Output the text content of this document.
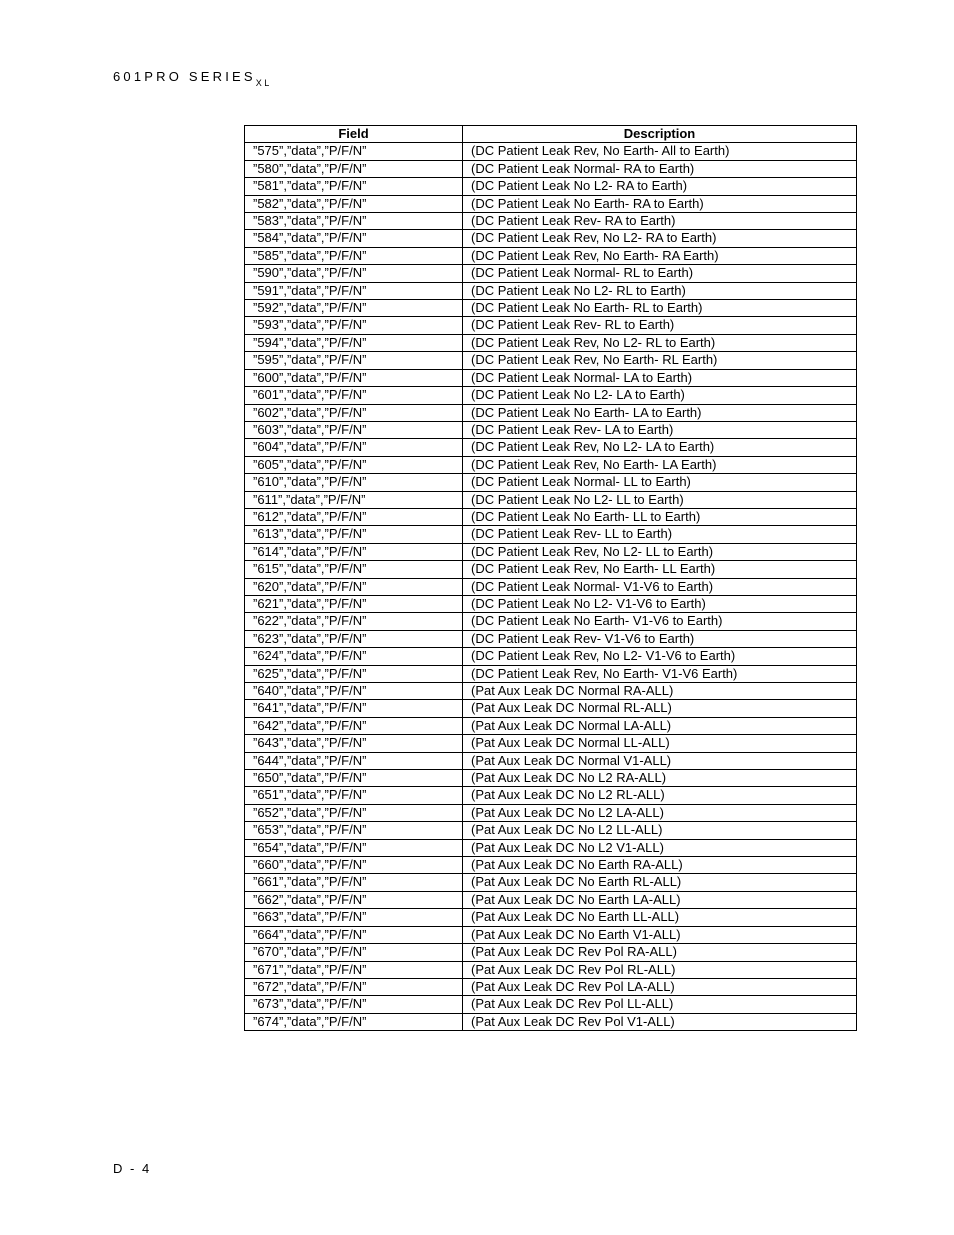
601PRO $SERIES_{XL}$
Field	Description
”575”,”data”,”P/F/N”	(DC Patient Leak Rev, No Earth- All to Earth)
”580”,”data”,”P/F/N”	(DC Patient Leak Normal- RA to Earth)
”581”,”data”,”P/F/N”	(DC Patient Leak No L2- RA to Earth)
”582”,”data”,”P/F/N”	(DC Patient Leak No Earth- RA to Earth)
”583”,”data”,”P/F/N”	(DC Patient Leak Rev- RA to Earth)
”584”,”data”,”P/F/N”	(DC Patient Leak Rev, No L2- RA to Earth)
”585”,”data”,”P/F/N”	(DC Patient Leak Rev, No Earth- RA Earth)
”590”,”data”,”P/F/N”	(DC Patient Leak Normal- RL to Earth)
”591”,”data”,”P/F/N”	(DC Patient Leak No L2- RL to Earth)
”592”,”data”,”P/F/N”	(DC Patient Leak No Earth- RL to Earth)
”593”,”data”,”P/F/N”	(DC Patient Leak Rev- RL to Earth)
”594”,”data”,”P/F/N”	(DC Patient Leak Rev, No L2- RL to Earth)
”595”,”data”,”P/F/N”	(DC Patient Leak Rev, No Earth- RL Earth)
”600”,”data”,”P/F/N”	(DC Patient Leak Normal- LA to Earth)
”601”,”data”,”P/F/N”	(DC Patient Leak No L2- LA to Earth)
”602”,”data”,”P/F/N”	(DC Patient Leak No Earth- LA to Earth)
”603”,”data”,”P/F/N”	(DC Patient Leak Rev- LA to Earth)
”604”,”data”,”P/F/N”	(DC Patient Leak Rev, No L2- LA to Earth)
”605”,”data”,”P/F/N”	(DC Patient Leak Rev, No Earth- LA Earth)
”610”,”data”,”P/F/N”	(DC Patient Leak Normal- LL to Earth)
”611”,”data”,”P/F/N”	(DC Patient Leak No L2- LL to Earth)
”612”,”data”,”P/F/N”	(DC Patient Leak No Earth- LL to Earth)
”613”,”data”,”P/F/N”	(DC Patient Leak Rev- LL to Earth)
”614”,”data”,”P/F/N”	(DC Patient Leak Rev, No L2- LL to Earth)
”615”,”data”,”P/F/N”	(DC Patient Leak Rev, No Earth- LL Earth)
”620”,”data”,”P/F/N”	(DC Patient Leak Normal- V1-V6 to Earth)
”621”,”data”,”P/F/N”	(DC Patient Leak No L2- V1-V6 to Earth)
”622”,”data”,”P/F/N”	(DC Patient Leak No Earth- V1-V6 to Earth)
”623”,”data”,”P/F/N”	(DC Patient Leak Rev- V1-V6 to Earth)
”624”,”data”,”P/F/N”	(DC Patient Leak Rev, No L2- V1-V6 to Earth)
”625”,”data”,”P/F/N”	(DC Patient Leak Rev, No Earth- V1-V6 Earth)
”640”,”data”,”P/F/N”	(Pat Aux Leak DC Normal RA-ALL)
”641”,”data”,”P/F/N”	(Pat Aux Leak DC Normal RL-ALL)
”642”,”data”,”P/F/N”	(Pat Aux Leak DC Normal LA-ALL)
”643”,”data”,”P/F/N”	(Pat Aux Leak DC Normal LL-ALL)
”644”,”data”,”P/F/N”	(Pat Aux Leak DC Normal V1-ALL)
”650”,”data”,”P/F/N”	(Pat Aux Leak DC No L2 RA-ALL)
”651”,”data”,”P/F/N”	(Pat Aux Leak DC No L2 RL-ALL)
”652”,”data”,”P/F/N”	(Pat Aux Leak DC No L2 LA-ALL)
”653”,”data”,”P/F/N”	(Pat Aux Leak DC No L2 LL-ALL)
”654”,”data”,”P/F/N”	(Pat Aux Leak DC No L2 V1-ALL)
”660”,”data”,”P/F/N”	(Pat Aux Leak DC No Earth RA-ALL)
”661”,”data”,”P/F/N”	(Pat Aux Leak DC No Earth RL-ALL)
”662”,”data”,”P/F/N”	(Pat Aux Leak DC No Earth LA-ALL)
”663”,”data”,”P/F/N”	(Pat Aux Leak DC No Earth LL-ALL)
”664”,”data”,”P/F/N”	(Pat Aux Leak DC No Earth V1-ALL)
”670”,”data”,”P/F/N”	(Pat Aux Leak DC Rev Pol RA-ALL)
”671”,”data”,”P/F/N”	(Pat Aux Leak DC Rev Pol RL-ALL)
”672”,”data”,”P/F/N”	(Pat Aux Leak DC Rev Pol LA-ALL)
”673”,”data”,”P/F/N”	(Pat Aux Leak DC Rev Pol LL-ALL)
”674”,”data”,”P/F/N”	(Pat Aux Leak DC Rev Pol V1-ALL)
D - 4
